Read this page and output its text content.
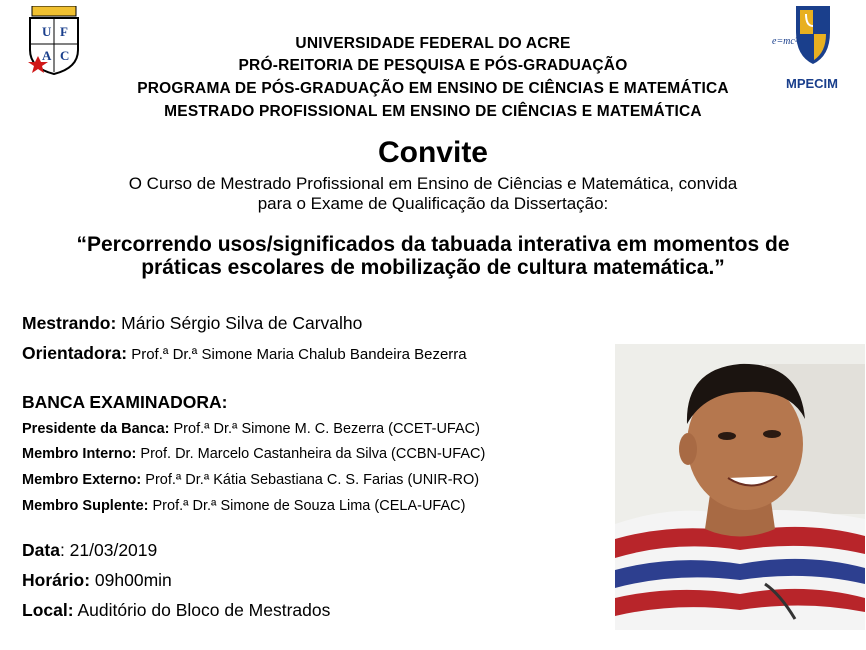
U F
A C
e=mc²
MPECIM
UNIVERSIDADE FEDERAL DO ACRE
PRÓ-REITORIA DE PESQUISA E PÓS-GRADUAÇÃO
PROGRAMA DE PÓS-GRADUAÇÃO EM ENSINO DE CIÊNCIAS E MATEMÁTICA
MESTRADO PROFISSIONAL EM ENSINO DE CIÊNCIAS E MATEMÁTICA
Convite
O Curso de Mestrado Profissional em Ensino de Ciências e Matemática, convida
para o Exame de Qualificação da Dissertação:
“Percorrendo usos/significados da tabuada interativa em momentos de
práticas escolares de mobilização de cultura matemática.”
Mestrando: Mário Sérgio Silva de Carvalho
Orientadora: Prof.ª Dr.ª Simone Maria Chalub Bandeira Bezerra
BANCA EXAMINADORA:
Presidente da Banca: Prof.ª Dr.ª Simone M. C. Bezerra (CCET-UFAC)
Membro Interno: Prof. Dr. Marcelo Castanheira da Silva (CCBN-UFAC)
Membro Externo: Prof.ª Dr.ª Kátia Sebastiana C. S. Farias (UNIR-RO)
Membro Suplente: Prof.ª Dr.ª Simone de Souza Lima (CELA-UFAC)
Data: 21/03/2019
Horário: 09h00min
Local: Auditório do Bloco de Mestrados
